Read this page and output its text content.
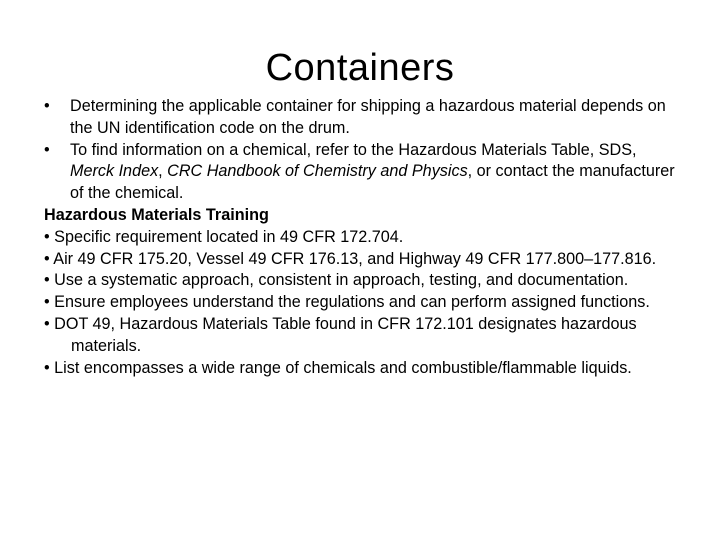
Containers

• Determining the applicable container for shipping a hazardous material depends on the UN identification code on the drum.

• To find information on a chemical, refer to the Hazardous Materials Table, SDS, Merck Index, CRC Handbook of Chemistry and Physics, or contact the manufacturer of the chemical.

Hazardous Materials Training

• Specific requirement located in 49 CFR 172.704.

• Air 49 CFR 175.20, Vessel 49 CFR 176.13, and Highway 49 CFR 177.800–177.816.

• Use a systematic approach, consistent in approach, testing, and documentation.

• Ensure employees understand the regulations and can perform assigned functions.

• DOT 49, Hazardous Materials Table found in CFR 172.101 designates hazardous materials.

• List encompasses a wide range of chemicals and combustible/flammable liquids.
